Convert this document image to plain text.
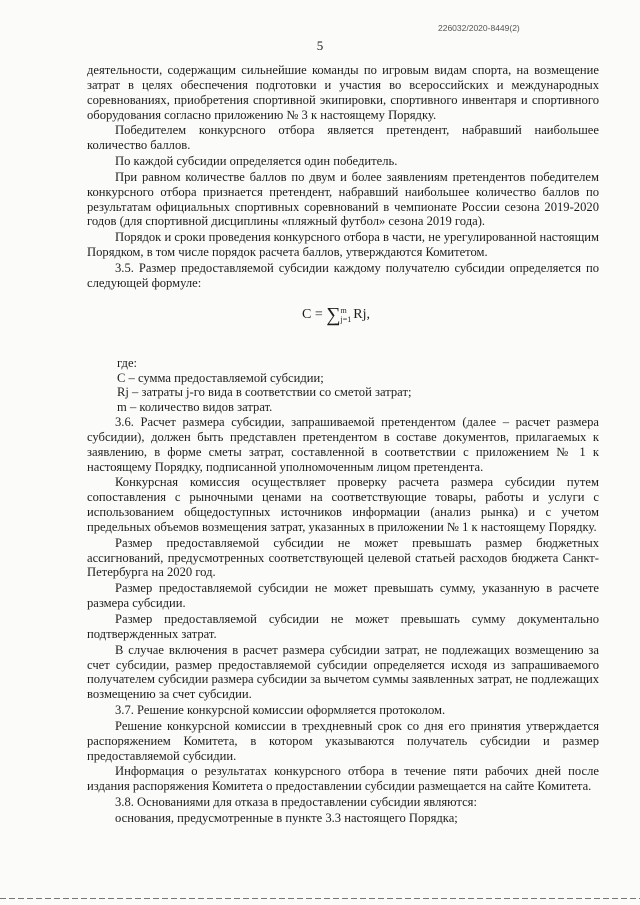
226032/2020-8449(2)
5

деятельности, содержащим сильнейшие команды по игровым видам спорта, на возмещение затрат в целях обеспечения подготовки и участия во всероссийских и международных соревнованиях, приобретения спортивной экипировки, спортивного инвентаря и спортивного оборудования согласно приложению № 3 к настоящему Порядку.

Победителем конкурсного отбора является претендент, набравший наибольшее количество баллов.

По каждой субсидии определяется один победитель.

При равном количестве баллов по двум и более заявлениям претендентов победителем конкурсного отбора признается претендент, набравший наибольшее количество баллов по результатам официальных спортивных соревнований в чемпионате России сезона 2019-2020 годов (для спортивной дисциплины «пляжный футбол» сезона 2019 года).

Порядок и сроки проведения конкурсного отбора в части, не урегулированной настоящим Порядком, в том числе порядок расчета баллов, утверждаются Комитетом.

3.5. Размер предоставляемой субсидии каждому получателю субсидии определяется по следующей формуле:

C = ∑m
j=1 Rj,

где:

С – сумма предоставляемой субсидии;

Rj – затраты j-го вида в соответствии со сметой затрат;

m – количество видов затрат.

3.6. Расчет размера субсидии, запрашиваемой претендентом (далее – расчет размера субсидии), должен быть представлен претендентом в составе документов, прилагаемых к заявлению, в форме сметы затрат, составленной в соответствии с приложением № 1 к настоящему Порядку, подписанной уполномоченным лицом претендента.

Конкурсная комиссия осуществляет проверку расчета размера субсидии путем сопоставления с рыночными ценами на соответствующие товары, работы и услуги с использованием общедоступных источников информации (анализ рынка) и с учетом предельных объемов возмещения затрат, указанных в приложении № 1 к настоящему Порядку.

Размер предоставляемой субсидии не может превышать размер бюджетных ассигнований, предусмотренных соответствующей целевой статьей расходов бюджета Санкт-Петербурга на 2020 год.

Размер предоставляемой субсидии не может превышать сумму, указанную в расчете размера субсидии.

Размер предоставляемой субсидии не может превышать сумму документально подтвержденных затрат.

В случае включения в расчет размера субсидии затрат, не подлежащих возмещению за счет субсидии, размер предоставляемой субсидии определяется исходя из запрашиваемого получателем субсидии размера субсидии за вычетом суммы заявленных затрат, не подлежащих возмещению за счет субсидии.

3.7. Решение конкурсной комиссии оформляется протоколом.

Решение конкурсной комиссии в трехдневный срок со дня его принятия утверждается распоряжением Комитета, в котором указываются получатель субсидии и размер предоставляемой субсидии.

Информация о результатах конкурсного отбора в течение пяти рабочих дней после издания распоряжения Комитета о предоставлении субсидии размещается на сайте Комитета.

3.8. Основаниями для отказа в предоставлении субсидии являются:

основания, предусмотренные в пункте 3.3 настоящего Порядка;
